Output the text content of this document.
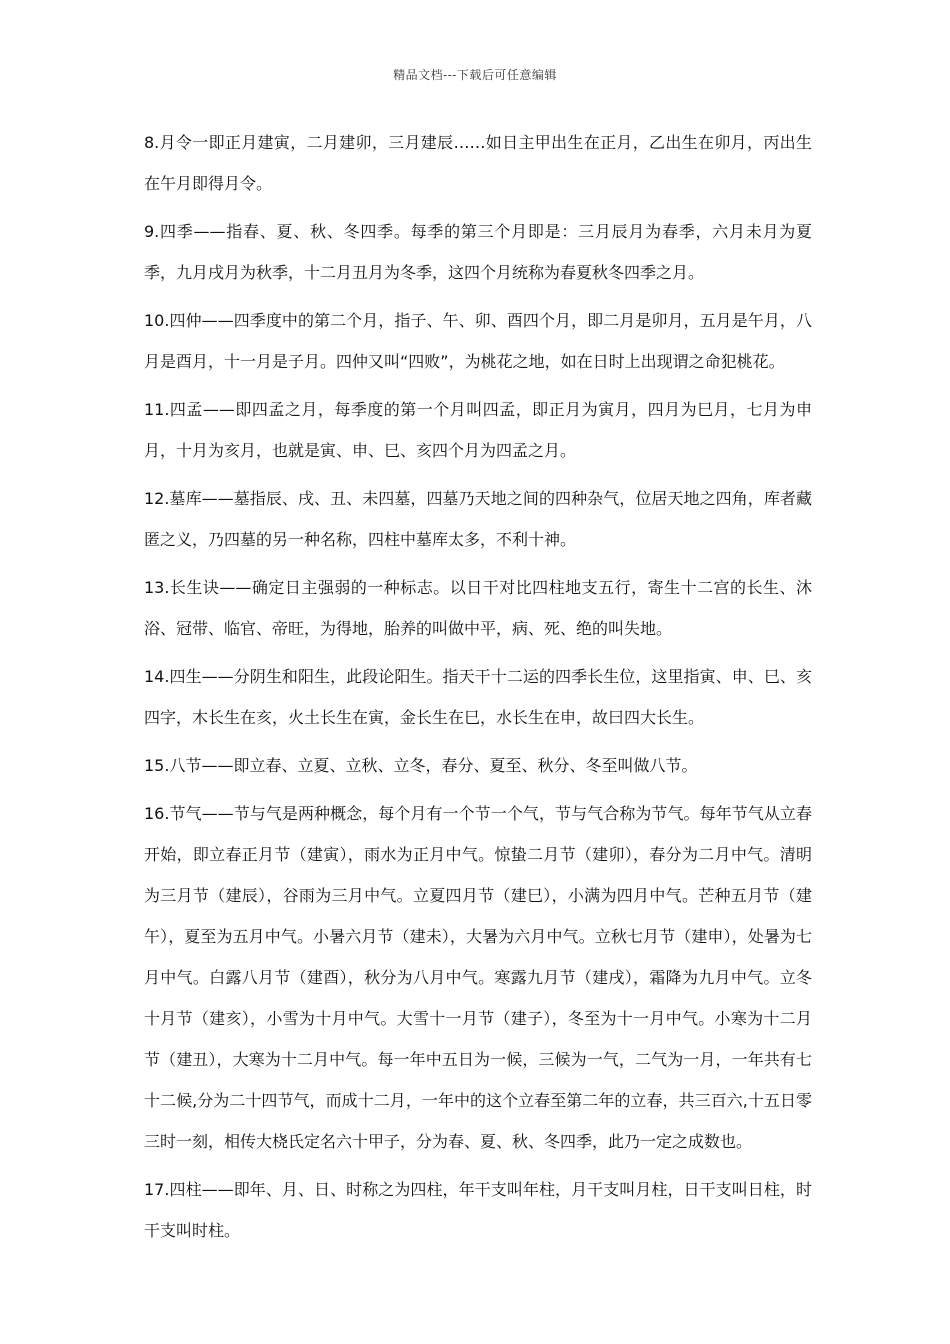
精品文档---下载后可任意编辑

8.月令一即正月建寅，二月建卯，三月建辰……如日主甲出生在正月，乙出生在卯月，丙出生在午月即得月令。

9.四季——指春、夏、秋、冬四季。每季的第三个月即是：三月辰月为春季，六月未月为夏季，九月戌月为秋季，十二月丑月为冬季，这四个月统称为春夏秋冬四季之月。

10.四仲——四季度中的第二个月，指子、午、卯、酉四个月，即二月是卯月，五月是午月，八月是酉月，十一月是子月。四仲又叫“四败”，为桃花之地，如在日时上出现谓之命犯桃花。

11.四孟——即四孟之月，每季度的第一个月叫四孟，即正月为寅月，四月为巳月，七月为申月，十月为亥月，也就是寅、申、巳、亥四个月为四孟之月。

12.墓库——墓指辰、戌、丑、未四墓，四墓乃天地之间的四种杂气，位居天地之四角，库者藏匿之义，乃四墓的另一种名称，四柱中墓库太多，不利十神。

13.长生诀——确定日主强弱的一种标志。以日干对比四柱地支五行，寄生十二宫的长生、沐浴、冠带、临官、帝旺，为得地，胎养的叫做中平，病、死、绝的叫失地。

14.四生——分阴生和阳生，此段论阳生。指天干十二运的四季长生位，这里指寅、申、巳、亥四字，木长生在亥，火土长生在寅，金长生在巳，水长生在申，故曰四大长生。

15.八节——即立春、立夏、立秋、立冬，春分、夏至、秋分、冬至叫做八节。

16.节气——节与气是两种概念，每个月有一个节一个气，节与气合称为节气。每年节气从立春开始，即立春正月节（建寅），雨水为正月中气。惊蛰二月节（建卯），春分为二月中气。清明为三月节（建辰），谷雨为三月中气。立夏四月节（建巳），小满为四月中气。芒种五月节（建午），夏至为五月中气。小暑六月节（建未），大暑为六月中气。立秋七月节（建申），处暑为七月中气。白露八月节（建酉），秋分为八月中气。寒露九月节（建戌），霜降为九月中气。立冬十月节（建亥），小雪为十月中气。大雪十一月节（建子），冬至为十一月中气。小寒为十二月节（建丑），大寒为十二月中气。每一年中五日为一候，三候为一气，二气为一月，一年共有七十二候,分为二十四节气，而成十二月，一年中的这个立春至第二年的立春，共三百六,十五日零三时一刻，相传大桡氏定名六十甲子，分为春、夏、秋、冬四季，此乃一定之成数也。

17.四柱——即年、月、日、时称之为四柱，年干支叫年柱，月干支叫月柱，日干支叫日柱，时干支叫时柱。
